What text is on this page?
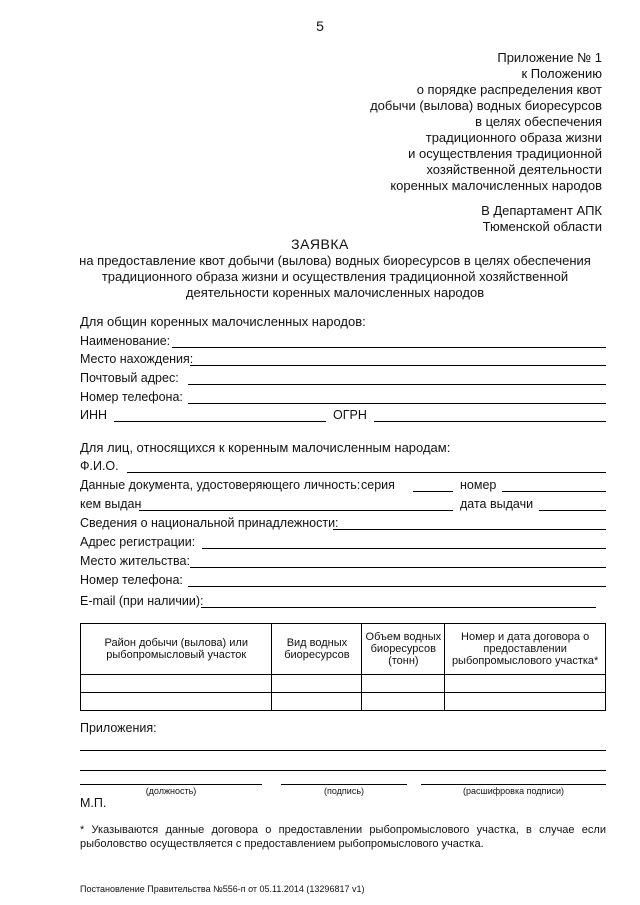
5
Приложение № 1
к Положению
о порядке распределения квот
добычи (вылова) водных биоресурсов
в целях обеспечения
традиционного образа жизни
и осуществления традиционной
хозяйственной деятельности
коренных малочисленных народов
В Департамент АПК
Тюменской области
ЗАЯВКА
на предоставление квот добычи (вылова) водных биоресурсов в целях обеспечения
традиционного образа жизни и осуществления традиционной хозяйственной
деятельности коренных малочисленных народов
Для общин коренных малочисленных народов:
Наименование:
Место нахождения:
Почтовый адрес:
Номер телефона:
ИНН	ОГРН
Для лиц, относящихся к коренным малочисленным народам:
Ф.И.О.
Данные документа, удостоверяющего личность: серия	номер
кем выдан	дата выдачи
Сведения о национальной принадлежности:
Адрес регистрации:
Место жительства:
Номер телефона:
E-mail (при наличии):
Район добычи (вылова) или рыбопромысловый участок	Вид водных биоресурсов	Объем водных биоресурсов (тонн)	Номер и дата договора о предоставлении рыбопромыслового участка*

Приложения:
(должность)	(подпись)	(расшифровка подписи)
М.П.
* Указываются данные договора о предоставлении рыбопромыслового участка, в случае если рыболовство осуществляется с предоставлением рыбопромыслового участка.
Постановление Правительства №556-п от 05.11.2014 (13296817 v1)
